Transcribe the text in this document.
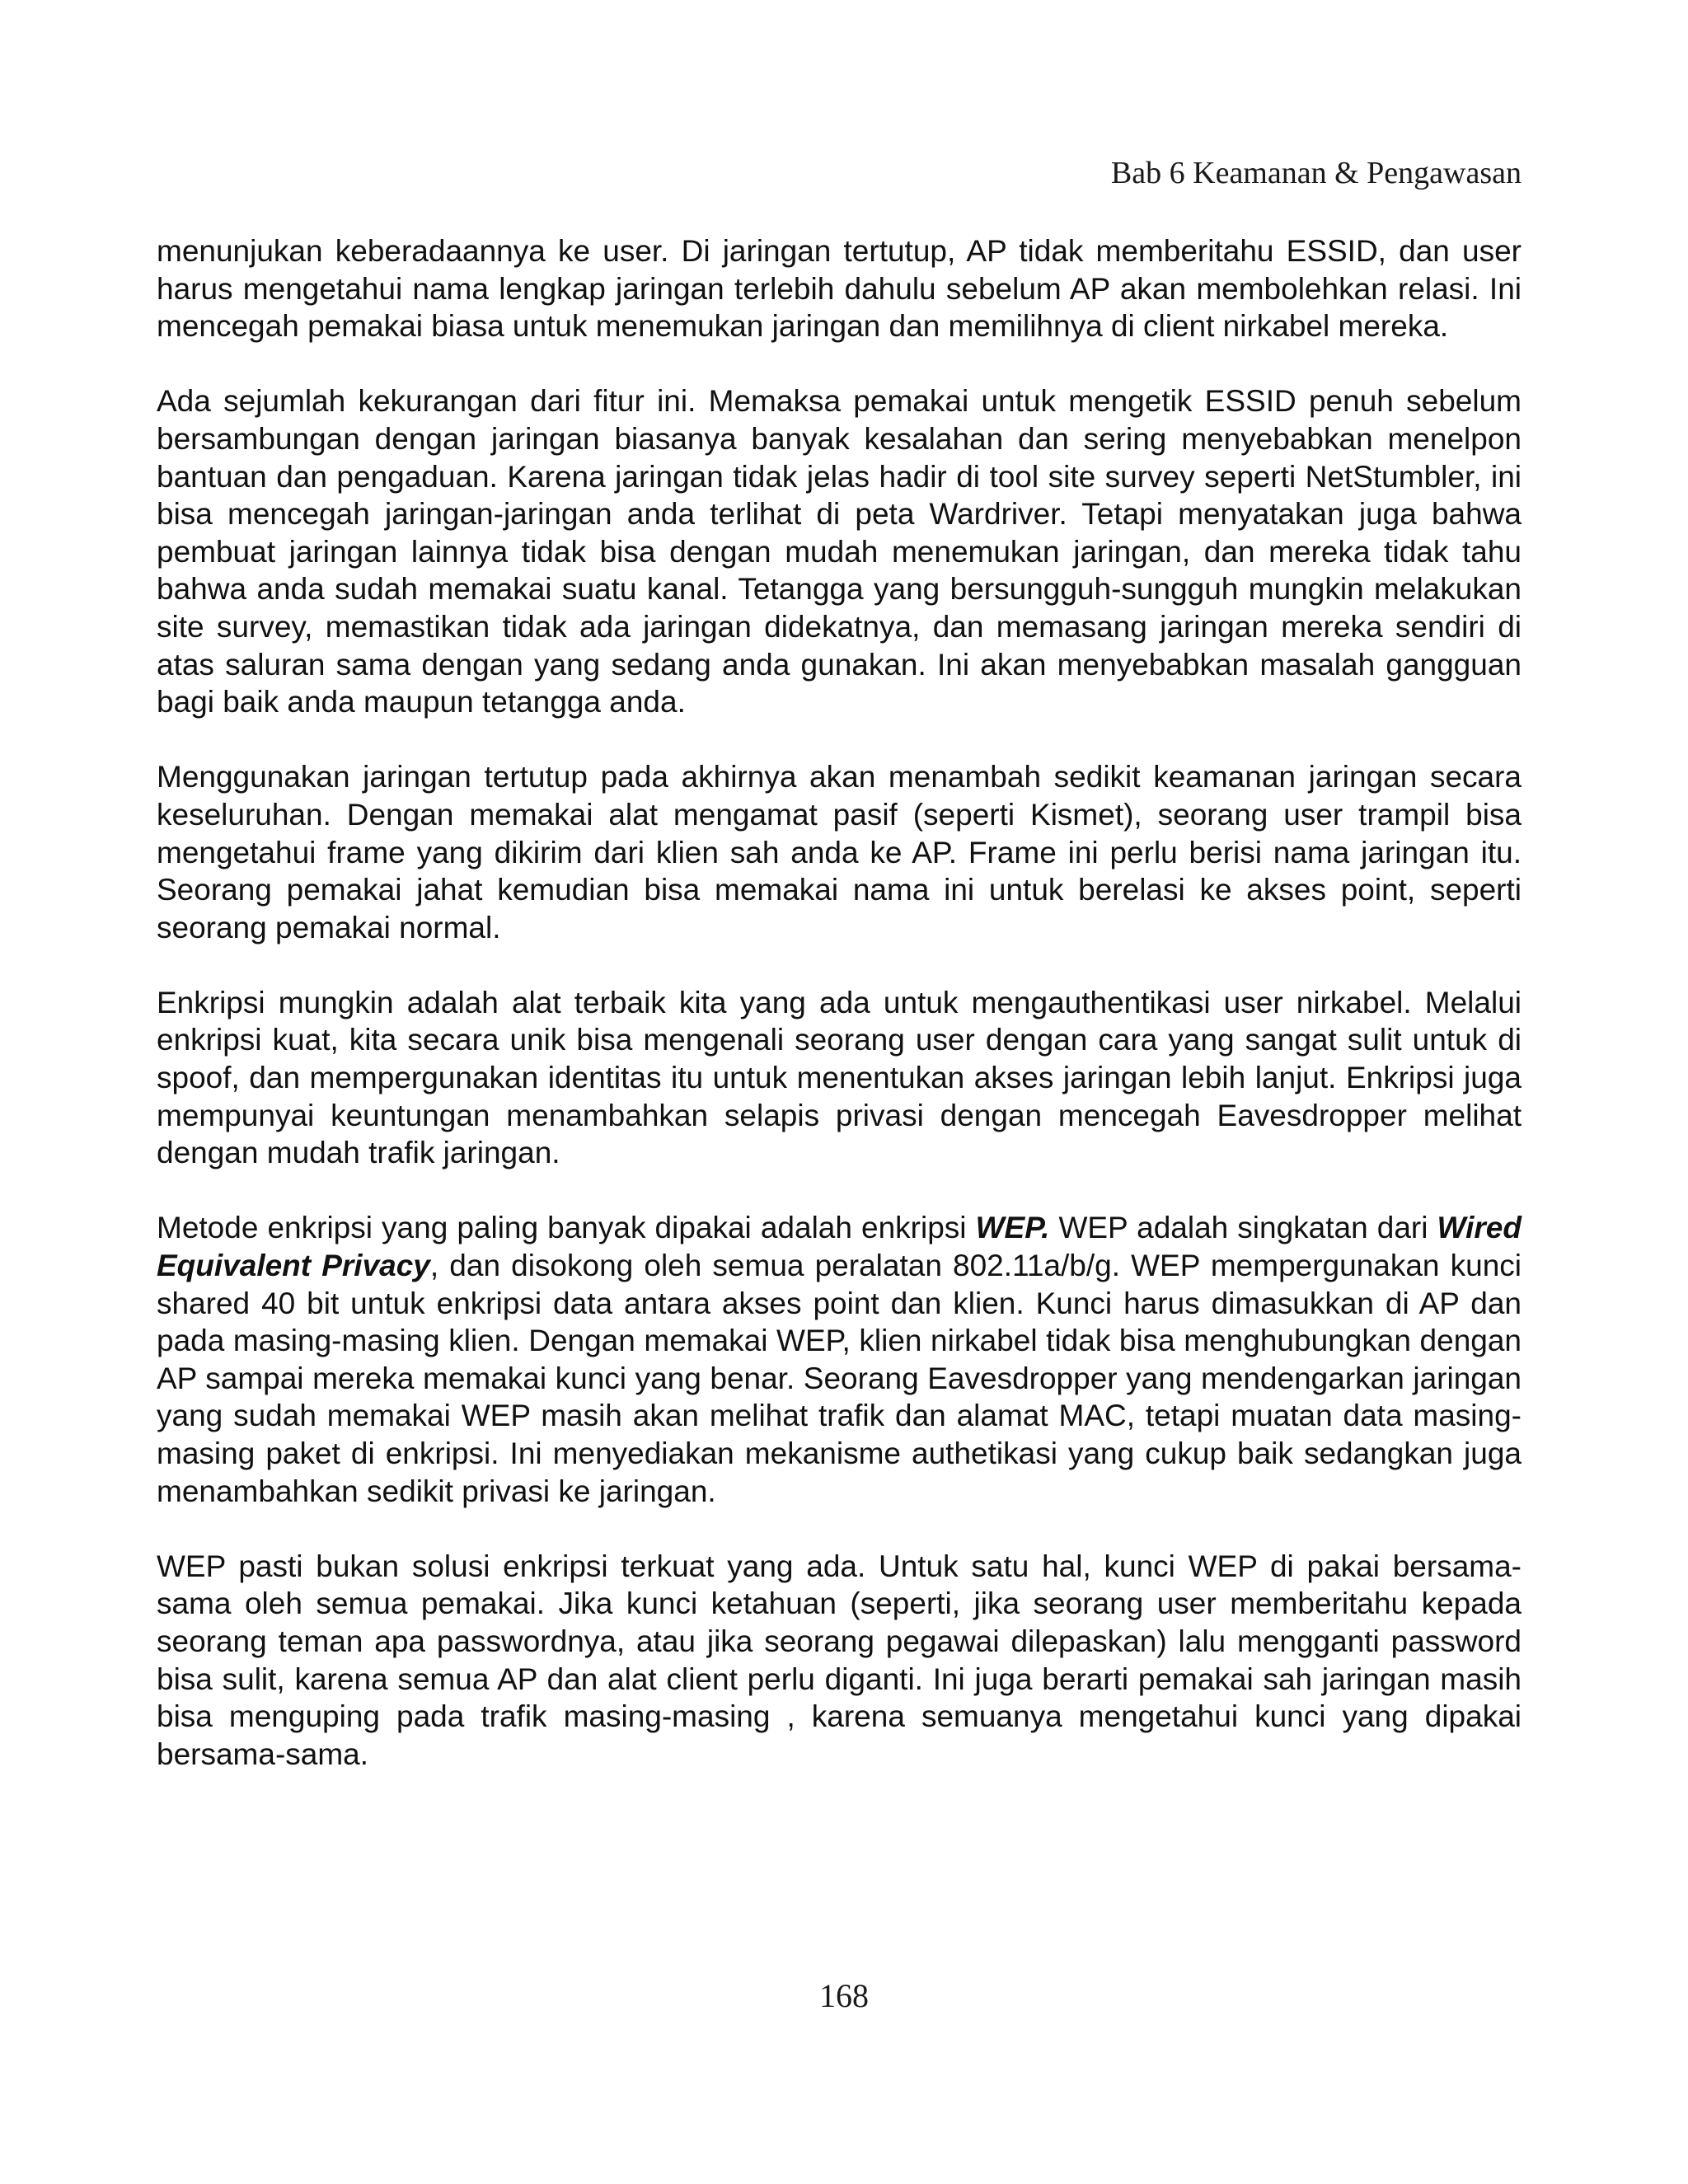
Bab 6 Keamanan & Pengawasan

menunjukan keberadaannya ke user. Di jaringan tertutup, AP tidak memberitahu ESSID, dan user harus mengetahui nama lengkap jaringan terlebih dahulu sebelum AP akan membolehkan relasi. Ini mencegah pemakai biasa untuk menemukan jaringan dan memilihnya di client nirkabel mereka.

Ada sejumlah kekurangan dari fitur ini. Memaksa pemakai untuk mengetik ESSID penuh sebelum bersambungan dengan jaringan biasanya banyak kesalahan dan sering menyebabkan menelpon bantuan dan pengaduan. Karena jaringan tidak jelas hadir di tool site survey seperti NetStumbler, ini bisa mencegah jaringan-jaringan anda terlihat di peta Wardriver. Tetapi menyatakan juga bahwa pembuat jaringan lainnya tidak bisa dengan mudah menemukan jaringan, dan mereka tidak tahu bahwa anda sudah memakai suatu kanal. Tetangga yang bersungguh-sungguh mungkin melakukan site survey, memastikan tidak ada jaringan didekatnya, dan memasang jaringan mereka sendiri di atas saluran sama dengan yang sedang anda gunakan. Ini akan menyebabkan masalah gangguan bagi baik anda maupun tetangga anda.

Menggunakan jaringan tertutup pada akhirnya akan menambah sedikit keamanan jaringan secara keseluruhan. Dengan memakai alat mengamat pasif (seperti Kismet), seorang user trampil bisa mengetahui frame yang dikirim dari klien sah anda ke AP. Frame ini perlu berisi nama jaringan itu. Seorang pemakai jahat kemudian bisa memakai nama ini untuk berelasi ke akses point, seperti seorang pemakai normal.

Enkripsi mungkin adalah alat terbaik kita yang ada untuk mengauthentikasi user nirkabel. Melalui enkripsi kuat, kita secara unik bisa mengenali seorang user dengan cara yang sangat sulit untuk di spoof, dan mempergunakan identitas itu untuk menentukan akses jaringan lebih lanjut. Enkripsi juga mempunyai keuntungan menambahkan selapis privasi dengan mencegah Eavesdropper melihat dengan mudah trafik jaringan.

Metode enkripsi yang paling banyak dipakai adalah enkripsi WEP. WEP adalah singkatan dari Wired Equivalent Privacy, dan disokong oleh semua peralatan 802.11a/b/g. WEP mempergunakan kunci shared 40 bit untuk enkripsi data antara akses point dan klien. Kunci harus dimasukkan di AP dan pada masing-masing klien. Dengan memakai WEP, klien nirkabel tidak bisa menghubungkan dengan AP sampai mereka memakai kunci yang benar. Seorang Eavesdropper yang mendengarkan jaringan yang sudah memakai WEP masih akan melihat trafik dan alamat MAC, tetapi muatan data masing-masing paket di enkripsi. Ini menyediakan mekanisme authetikasi yang cukup baik sedangkan juga menambahkan sedikit privasi ke jaringan.

WEP pasti bukan solusi enkripsi terkuat yang ada. Untuk satu hal, kunci WEP di pakai bersama-sama oleh semua pemakai. Jika kunci ketahuan (seperti, jika seorang user memberitahu kepada seorang teman apa passwordnya, atau jika seorang pegawai dilepaskan) lalu mengganti password bisa sulit, karena semua AP dan alat client perlu diganti. Ini juga berarti pemakai sah jaringan masih bisa menguping pada trafik masing-masing , karena semuanya mengetahui kunci yang dipakai bersama-sama.

168
